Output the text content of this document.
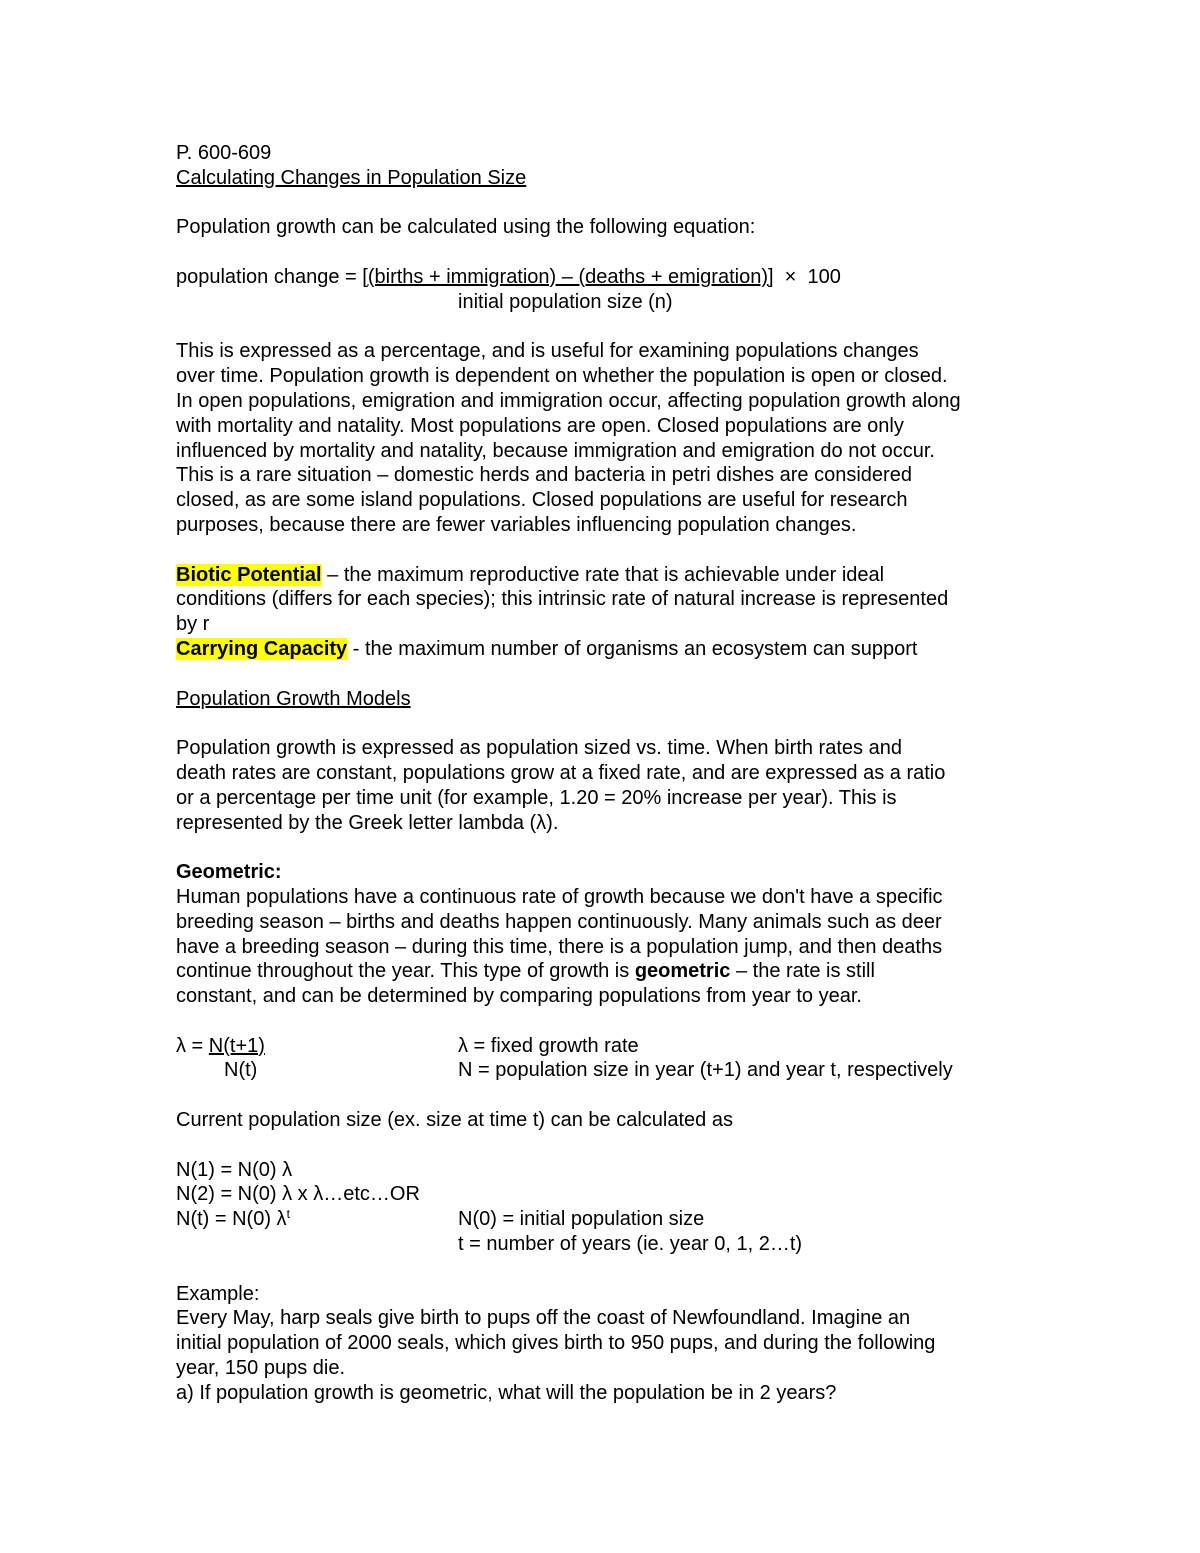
P. 600-609
Calculating Changes in Population Size
Population growth can be calculated using the following equation:
population change = [(births + immigration) – (deaths + emigration)]  ×  100
initial population size (n)
This is expressed as a percentage, and is useful for examining populations changes
over time. Population growth is dependent on whether the population is open or closed.
In open populations, emigration and immigration occur, affecting population growth along
with mortality and natality. Most populations are open. Closed populations are only
influenced by mortality and natality, because immigration and emigration do not occur.
This is a rare situation – domestic herds and bacteria in petri dishes are considered
closed, as are some island populations. Closed populations are useful for research
purposes, because there are fewer variables influencing population changes.
Biotic Potential – the maximum reproductive rate that is achievable under ideal
conditions (differs for each species); this intrinsic rate of natural increase is represented
by r
Carrying Capacity - the maximum number of organisms an ecosystem can support
Population Growth Models
Population growth is expressed as population sized vs. time. When birth rates and
death rates are constant, populations grow at a fixed rate, and are expressed as a ratio
or a percentage per time unit (for example, 1.20 = 20% increase per year). This is
represented by the Greek letter lambda (λ).
Geometric:
Human populations have a continuous rate of growth because we don't have a specific
breeding season – births and deaths happen continuously. Many animals such as deer
have a breeding season – during this time, there is a population jump, and then deaths
continue throughout the year. This type of growth is geometric – the rate is still
constant, and can be determined by comparing populations from year to year.
λ = N(t+1)	λ = fixed growth rate
N(t)	N = population size in year (t+1) and year t, respectively
Current population size (ex. size at time t) can be calculated as
N(1) = N(0) λ
N(2) = N(0) λ x λ…etc…OR
N(t) = N(0) $\lambda^t$	N(0) = initial population size
t = number of years (ie. year 0, 1, 2…t)
Example:
Every May, harp seals give birth to pups off the coast of Newfoundland. Imagine an
initial population of 2000 seals, which gives birth to 950 pups, and during the following
year, 150 pups die.
a) If population growth is geometric, what will the population be in 2 years?
